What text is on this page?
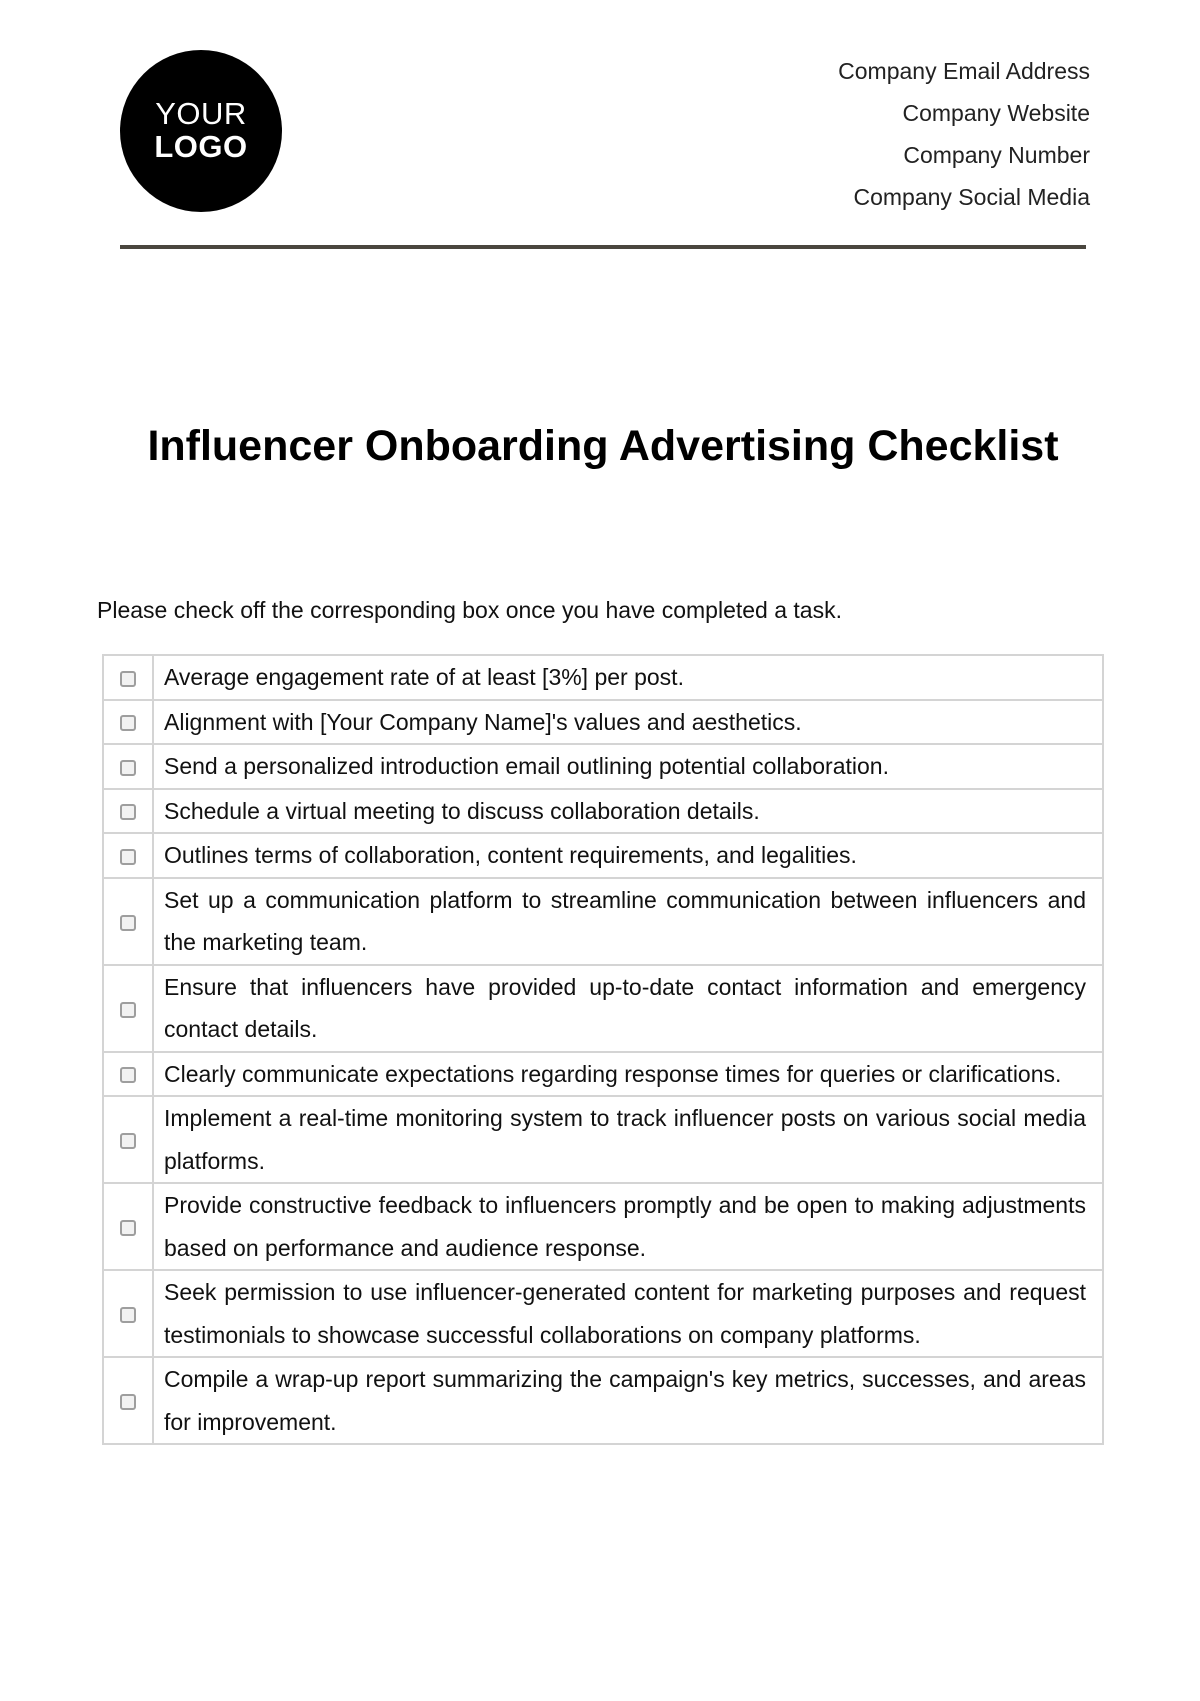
YOUR
LOGO
Company Email Address
Company Website
Company Number
Company Social Media
Influencer Onboarding Advertising Checklist
Please check off the corresponding box once you have completed a task.
	Average engagement rate of at least [3%] per post.
	Alignment with [Your Company Name]'s values and aesthetics.
	Send a personalized introduction email outlining potential collaboration.
	Schedule a virtual meeting to discuss collaboration details.
	Outlines terms of collaboration, content requirements, and legalities.
	Set up a communication platform to streamline communication between influencers and the marketing team.
	Ensure that influencers have provided up-to-date contact information and emergency contact details.
	Clearly communicate expectations regarding response times for queries or clarifications.
	Implement a real-time monitoring system to track influencer posts on various social media platforms.
	Provide constructive feedback to influencers promptly and be open to making adjustments based on performance and audience response.
	Seek permission to use influencer-generated content for marketing purposes and request testimonials to showcase successful collaborations on company platforms.
	Compile a wrap-up report summarizing the campaign's key metrics, successes, and areas for improvement.
